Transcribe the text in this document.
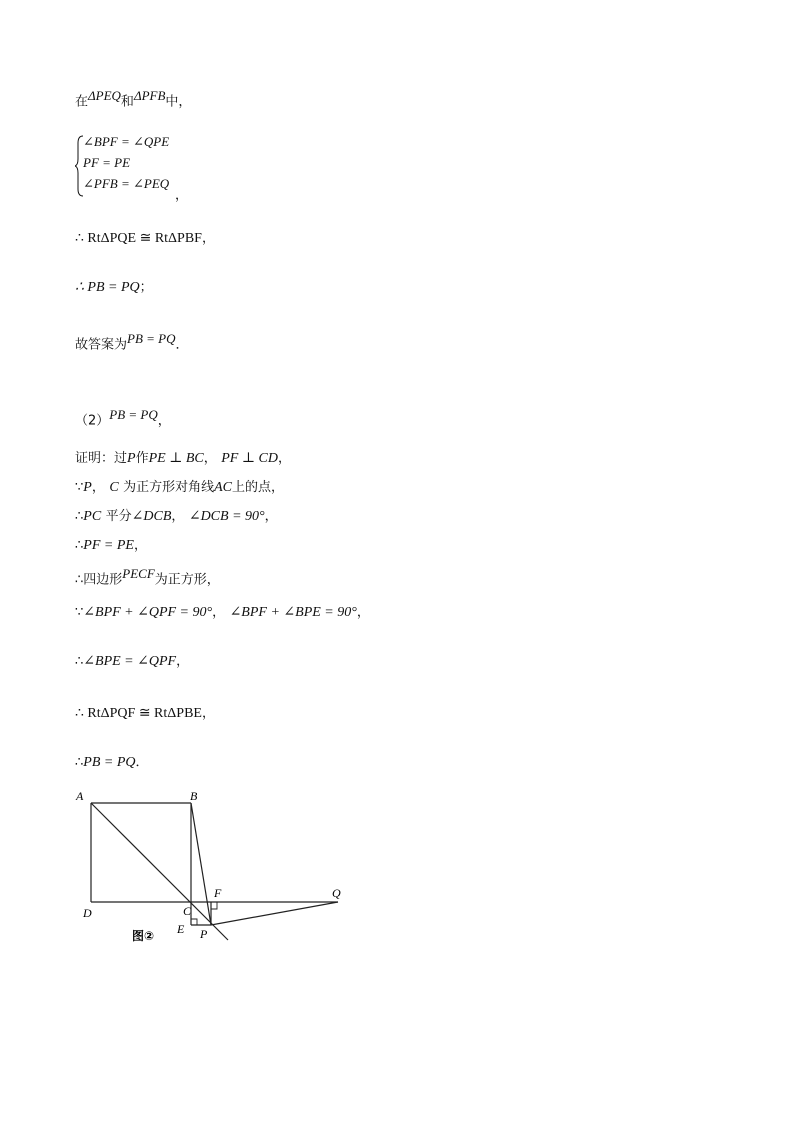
在$^{\Delta PEQ}$和$^{\Delta PFB}$中，
∠BPF = ∠QPE
PF = PE
∠PFB = ∠PEQ
，
∴ RtΔPQE ≅ RtΔPBF，
∴ PB = PQ；
故答案为$^{PB = PQ}$．
$(2)^{PB = PQ}$，
证明：过P作PE ⊥ BC， PF ⊥ CD，
∵P， C 为正方形对角线AC上的点，
∴PC 平分∠DCB， ∠DCB = 90°，
∴PF = PE，
∴四边形$^{PECF}$为正方形，
∵∠BPF + ∠QPF = 90°， ∠BPF + ∠BPE = 90°，
∴∠BPE = ∠QPF，
∴ RtΔPQF ≅ RtΔPBE，
∴PB = PQ．
A	B
C
D
E
F
P
Q
图②
